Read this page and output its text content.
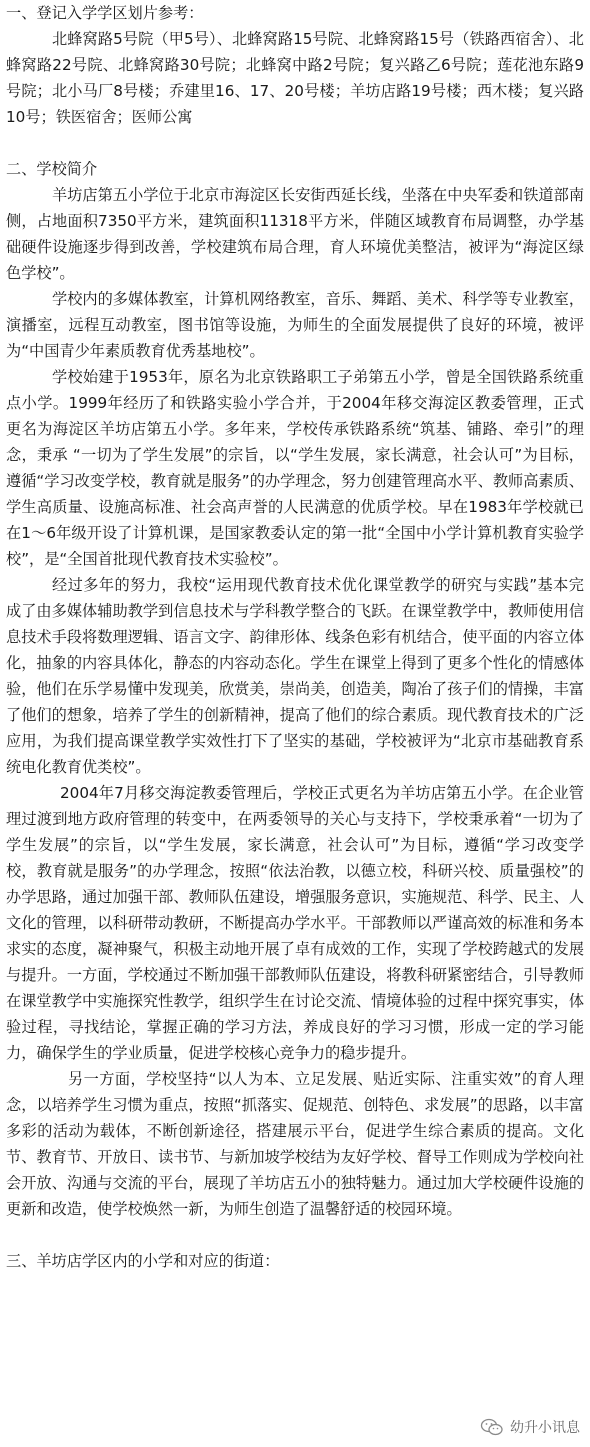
一、登记入学学区划片参考：

北蜂窝路5号院（甲5号）、北蜂窝路15号院、北蜂窝路15号（铁路西宿舍）、北蜂窝路22号院、北蜂窝路30号院；北蜂窝中路2号院；复兴路乙6号院；莲花池东路9号院；北小马厂8号楼；乔建里16、17、20号楼；羊坊店路19号楼；西木楼；复兴路10号；铁医宿舍；医师公寓

二、学校简介

羊坊店第五小学位于北京市海淀区长安街西延长线，坐落在中央军委和铁道部南侧，占地面积7350平方米，建筑面积11318平方米，伴随区域教育布局调整，办学基础硬件设施逐步得到改善，学校建筑布局合理，育人环境优美整洁，被评为“海淀区绿色学校”。

学校内的多媒体教室，计算机网络教室，音乐、舞蹈、美术、科学等专业教室，演播室，远程互动教室，图书馆等设施，为师生的全面发展提供了良好的环境，被评为“中国青少年素质教育优秀基地校”。

学校始建于1953年，原名为北京铁路职工子弟第五小学，曾是全国铁路系统重点小学。1999年经历了和铁路实验小学合并，于2004年移交海淀区教委管理，正式更名为海淀区羊坊店第五小学。多年来，学校传承铁路系统“筑基、铺路、牵引”的理念，秉承 “一切为了学生发展”的宗旨，以“学生发展，家长满意，社会认可”为目标，遵循“学习改变学校，教育就是服务”的办学理念，努力创建管理高水平、教师高素质、学生高质量、设施高标准、社会高声誉的人民满意的优质学校。早在1983年学校就已在1～6年级开设了计算机课，是国家教委认定的第一批“全国中小学计算机教育实验学校”，是“全国首批现代教育技术实验校”。

经过多年的努力，我校“运用现代教育技术优化课堂教学的研究与实践”基本完成了由多媒体辅助教学到信息技术与学科教学整合的飞跃。在课堂教学中，教师使用信息技术手段将数理逻辑、语言文字、韵律形体、线条色彩有机结合，使平面的内容立体化，抽象的内容具体化，静态的内容动态化。学生在课堂上得到了更多个性化的情感体验，他们在乐学易懂中发现美，欣赏美，崇尚美，创造美，陶冶了孩子们的情操，丰富了他们的想象，培养了学生的创新精神，提高了他们的综合素质。现代教育技术的广泛应用，为我们提高课堂教学实效性打下了坚实的基础，学校被评为“北京市基础教育系统电化教育优类校”。

2004年7月移交海淀教委管理后，学校正式更名为羊坊店第五小学。在企业管理过渡到地方政府管理的转变中，在两委领导的关心与支持下，学校秉承着“一切为了学生发展”的宗旨，以“学生发展，家长满意，社会认可”为目标，遵循“学习改变学校，教育就是服务”的办学理念，按照“依法治教，以德立校，科研兴校、质量强校”的办学思路，通过加强干部、教师队伍建设，增强服务意识，实施规范、科学、民主、人文化的管理，以科研带动教研，不断提高办学水平。干部教师以严谨高效的标准和务本求实的态度，凝神聚气，积极主动地开展了卓有成效的工作，实现了学校跨越式的发展与提升。一方面，学校通过不断加强干部教师队伍建设，将教科研紧密结合，引导教师在课堂教学中实施探究性教学，组织学生在讨论交流、情境体验的过程中探究事实，体验过程，寻找结论，掌握正确的学习方法，养成良好的学习习惯，形成一定的学习能力，确保学生的学业质量，促进学校核心竞争力的稳步提升。

另一方面，学校坚持“以人为本、立足发展、贴近实际、注重实效”的育人理念，以培养学生习惯为重点，按照“抓落实、促规范、创特色、求发展”的思路，以丰富多彩的活动为载体，不断创新途径，搭建展示平台，促进学生综合素质的提高。文化节、教育节、开放日、读书节、与新加坡学校结为友好学校、督导工作则成为学校向社会开放、沟通与交流的平台，展现了羊坊店五小的独特魅力。通过加大学校硬件设施的更新和改造，使学校焕然一新，为师生创造了温馨舒适的校园环境。

三、羊坊店学区内的小学和对应的街道：

幼升小讯息
